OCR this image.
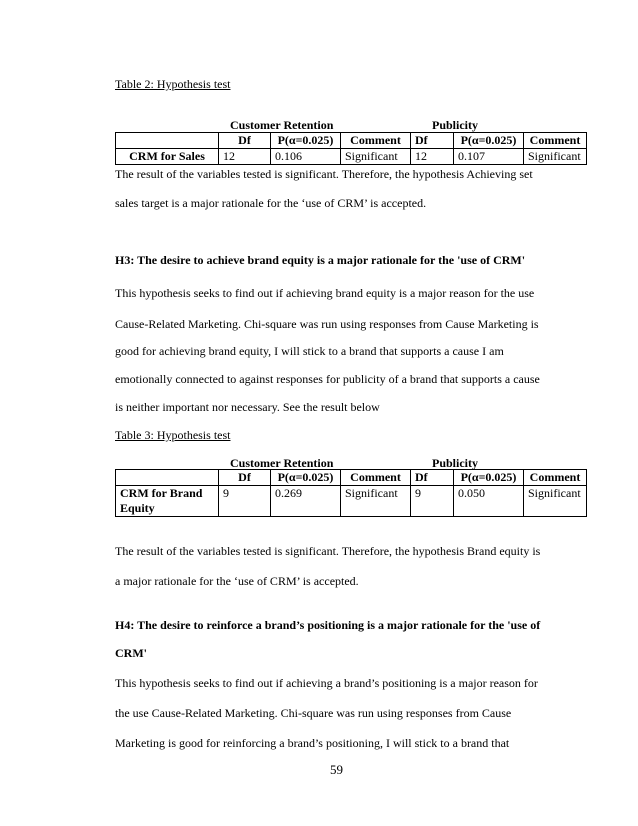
Table 2: Hypothesis test
Customer Retention	Publicity
	Df	P(α=0.025)	Comment	Df	P(α=0.025)	Comment
CRM for Sales	12	0.106	Significant	12	0.107	Significant
The result of the variables tested is significant. Therefore, the hypothesis Achieving set
sales target is a major rationale for the ‘use of CRM’ is accepted.
H3: The desire to achieve brand equity is a major rationale for the 'use of CRM'
This hypothesis seeks to find out if achieving brand equity is a major reason for the use
Cause-Related Marketing. Chi-square was run using responses from Cause Marketing is
good for achieving brand equity, I will stick to a brand that supports a cause I am
emotionally connected to against responses for publicity of a brand that supports a cause
is neither important nor necessary. See the result below
Table 3: Hypothesis test
Customer Retention	Publicity
	Df	P(α=0.025)	Comment	Df	P(α=0.025)	Comment
CRM for Brand Equity	9	0.269	Significant	9	0.050	Significant
The result of the variables tested is significant. Therefore, the hypothesis Brand equity is
a major rationale for the ‘use of CRM’ is accepted.
H4: The desire to reinforce a brand’s positioning is a major rationale for the 'use of
CRM'
This hypothesis seeks to find out if achieving a brand’s positioning is a major reason for
the use Cause-Related Marketing. Chi-square was run using responses from Cause
Marketing is good for reinforcing a brand’s positioning, I will stick to a brand that
59
